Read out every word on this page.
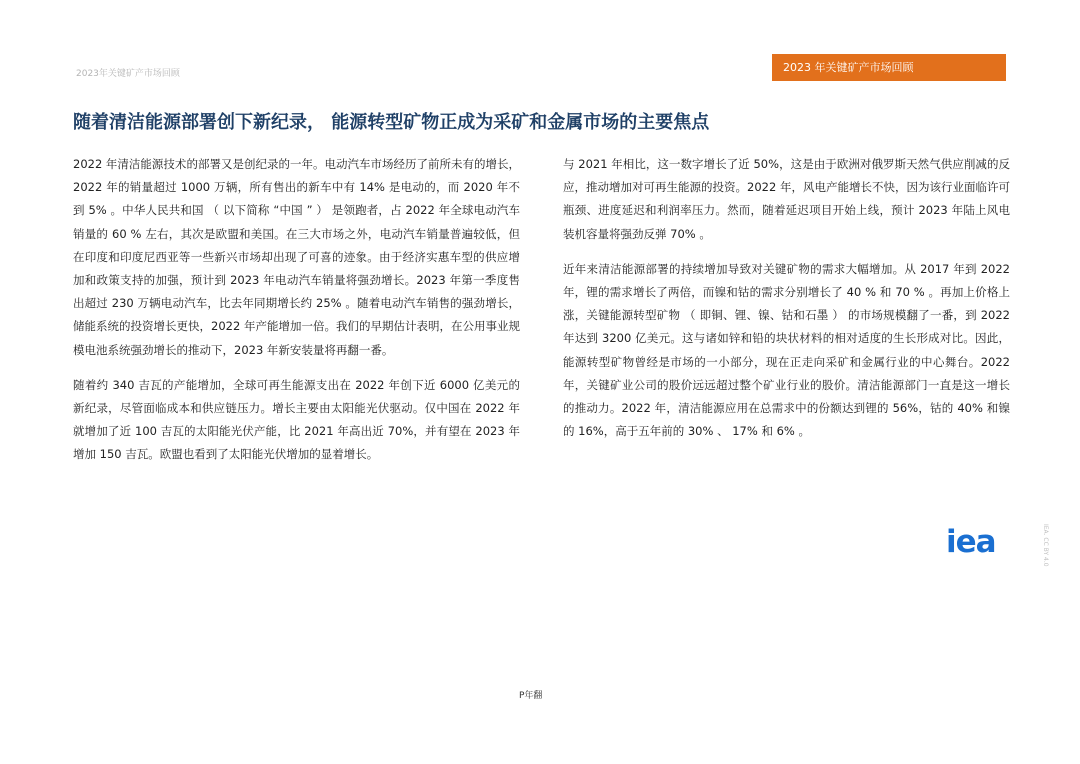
2023年关键矿产市场回顾	2023 年关键矿产市场回顾
随着清洁能源部署创下新纪录， 能源转型矿物正成为采矿和金属市场的主要焦点

2022 年清洁能源技术的部署又是创纪录的一年。电动汽车市场经历了前所未有的增长，2022 年的销量超过 1000 万辆，所有售出的新车中有 14% 是电动的，而 2020 年不到 5% 。中华人民共和国 （ 以下简称 “中国 ” ） 是领跑者，占 2022 年全球电动汽车销量的 60 % 左右，其次是欧盟和美国。在三大市场之外，电动汽车销量普遍较低，但在印度和印度尼西亚等一些新兴市场却出现了可喜的迹象。由于经济实惠车型的供应增加和政策支持的加强，预计到 2023 年电动汽车销量将强劲增长。2023 年第一季度售出超过 230 万辆电动汽车，比去年同期增长约 25% 。随着电动汽车销售的强劲增长，储能系统的投资增长更快，2022 年产能增加一倍。我们的早期估计表明，在公用事业规模电池系统强劲增长的推动下，2023 年新安装量将再翻一番。

随着约 340 吉瓦的产能增加，全球可再生能源支出在 2022 年创下近 6000 亿美元的新纪录，尽管面临成本和供应链压力。增长主要由太阳能光伏驱动。仅中国在 2022 年就增加了近 100 吉瓦的太阳能光伏产能，比 2021 年高出近 70%，并有望在 2023 年增加 150 吉瓦。欧盟也看到了太阳能光伏增加的显着增长。

与 2021 年相比，这一数字增长了近 50%，这是由于欧洲对俄罗斯天然气供应削减的反应，推动增加对可再生能源的投资。2022 年，风电产能增长不快，因为该行业面临许可瓶颈、进度延迟和利润率压力。然而，随着延迟项目开始上线，预计 2023 年陆上风电装机容量将强劲反弹 70% 。

近年来清洁能源部署的持续增加导致对关键矿物的需求大幅增加。从 2017 年到 2022 年，锂的需求增长了两倍，而镍和钴的需求分别增长了 40 % 和 70 % 。再加上价格上涨，关键能源转型矿物 （ 即铜、锂、镍、钴和石墨 ） 的市场规模翻了一番，到 2022 年达到 3200 亿美元。这与诸如锌和铅的块状材料的相对适度的生长形成对比。因此，能源转型矿物曾经是市场的一小部分，现在正走向采矿和金属行业的中心舞台。2022 年，关键矿业公司的股价远远超过整个矿业行业的股价。清洁能源部门一直是这一增长的推动力。2022 年，清洁能源应用在总需求中的份额达到锂的 56%，钴的 40% 和镍的 16%，高于五年前的 30% 、 17% 和 6% 。

iea	IEA. CC BY 4.0
P年翻
